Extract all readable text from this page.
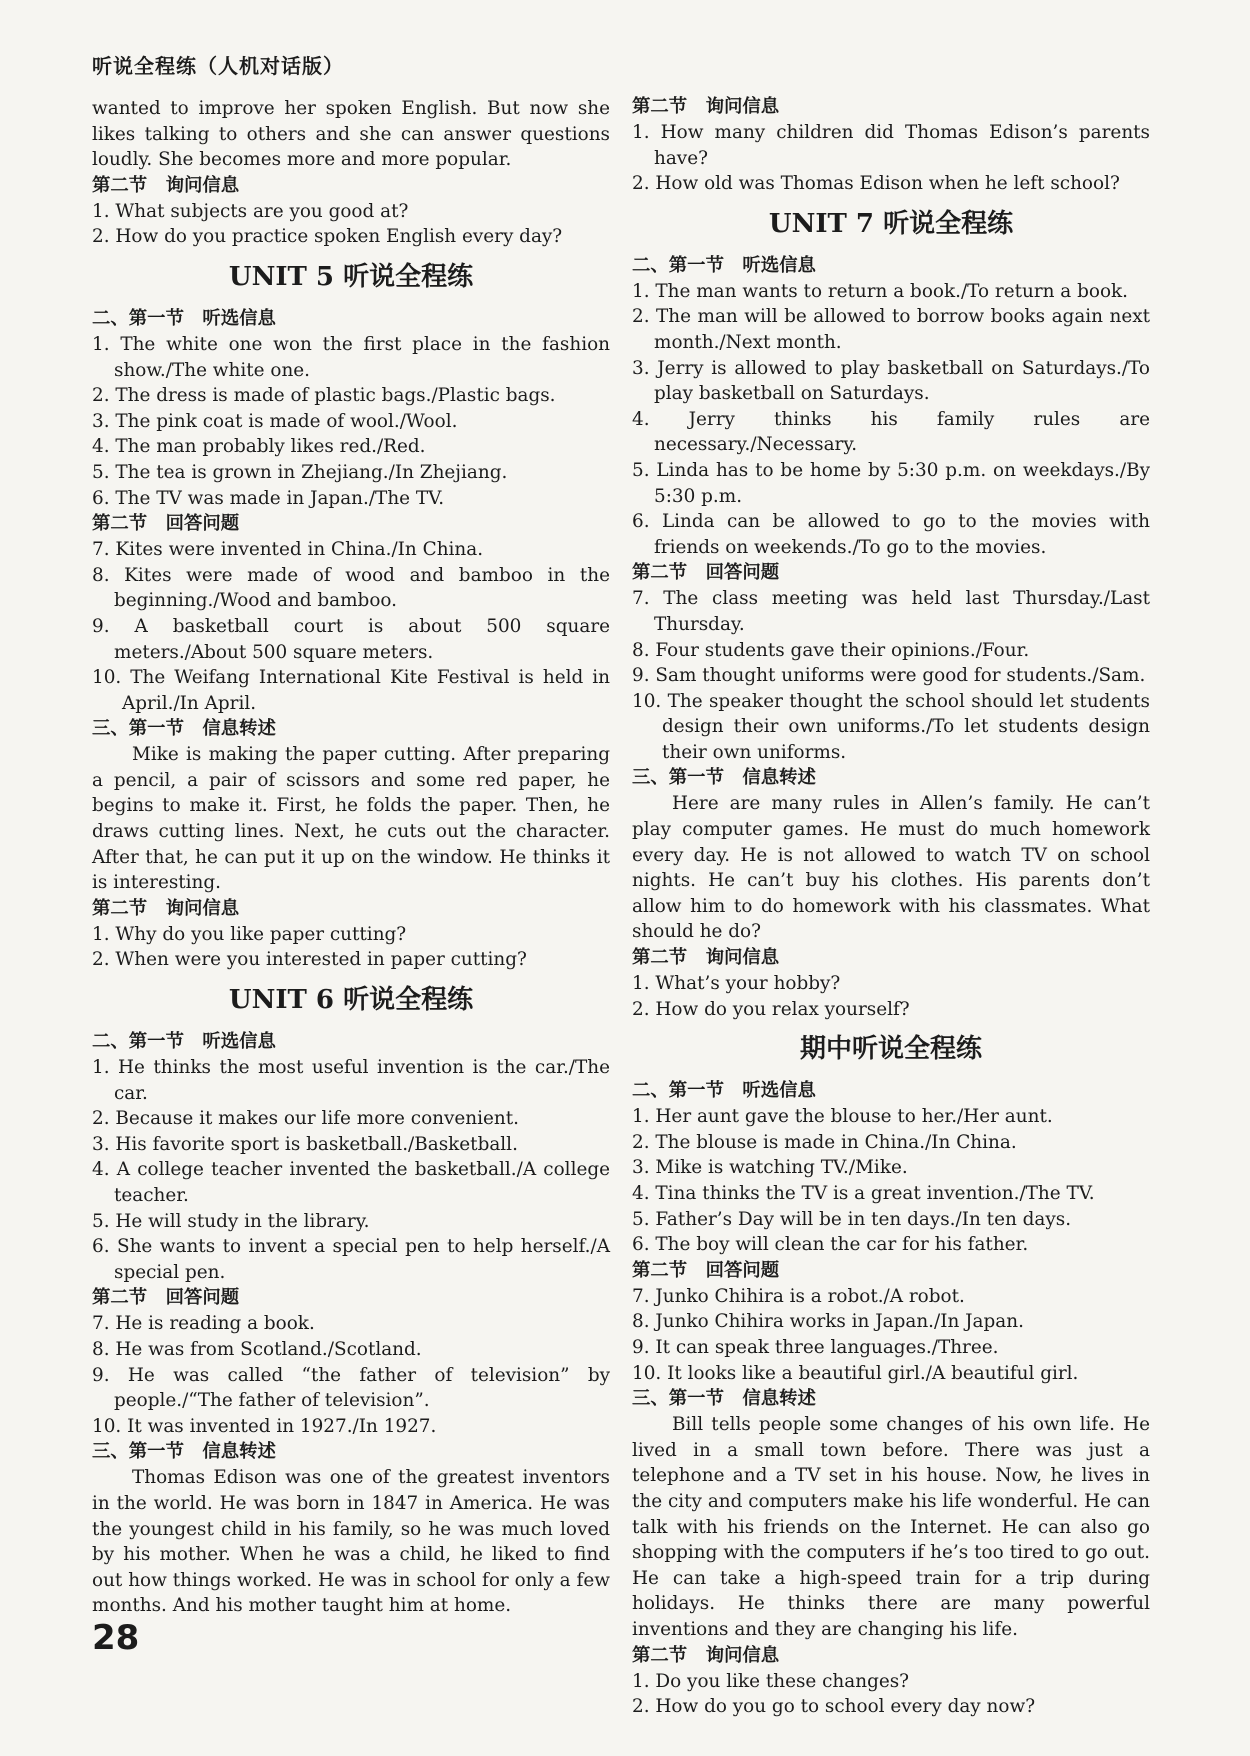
听说全程练（人机对话版）

wanted to improve her spoken English. But now she likes talking to others and she can answer questions loudly. She becomes more and more popular.

第二节　询问信息

1. What subjects are you good at?

2. How do you practice spoken English every day?

UNIT 5 听说全程练

二、第一节　听选信息

1. The white one won the first place in the fashion show./The white one.

2. The dress is made of plastic bags./Plastic bags.

3. The pink coat is made of wool./Wool.

4. The man probably likes red./Red.

5. The tea is grown in Zhejiang./In Zhejiang.

6. The TV was made in Japan./The TV.

第二节　回答问题

7. Kites were invented in China./In China.

8. Kites were made of wood and bamboo in the beginning./Wood and bamboo.

9. A basketball court is about 500 square meters./About 500 square meters.

10. The Weifang International Kite Festival is held in April./In April.

三、第一节　信息转述

Mike is making the paper cutting. After preparing a pencil, a pair of scissors and some red paper, he begins to make it. First, he folds the paper. Then, he draws cutting lines. Next, he cuts out the character. After that, he can put it up on the window. He thinks it is interesting.

第二节　询问信息

1. Why do you like paper cutting?

2. When were you interested in paper cutting?

UNIT 6 听说全程练

二、第一节　听选信息

1. He thinks the most useful invention is the car./The car.

2. Because it makes our life more convenient.

3. His favorite sport is basketball./Basketball.

4. A college teacher invented the basketball./A college teacher.

5. He will study in the library.

6. She wants to invent a special pen to help herself./A special pen.

第二节　回答问题

7. He is reading a book.

8. He was from Scotland./Scotland.

9. He was called “the father of television” by people./“The father of television”.

10. It was invented in 1927./In 1927.

三、第一节　信息转述

Thomas Edison was one of the greatest inventors in the world. He was born in 1847 in America. He was the youngest child in his family, so he was much loved by his mother. When he was a child, he liked to find out how things worked. He was in school for only a few months. And his mother taught him at home.

第二节　询问信息

1. How many children did Thomas Edison’s parents have?

2. How old was Thomas Edison when he left school?

UNIT 7 听说全程练

二、第一节　听选信息

1. The man wants to return a book./To return a book.

2. The man will be allowed to borrow books again next month./Next month.

3. Jerry is allowed to play basketball on Saturdays./To play basketball on Saturdays.

4. Jerry thinks his family rules are necessary./Necessary.

5. Linda has to be home by 5:30 p.m. on weekdays./By 5:30 p.m.

6. Linda can be allowed to go to the movies with friends on weekends./To go to the movies.

第二节　回答问题

7. The class meeting was held last Thursday./Last Thursday.

8. Four students gave their opinions./Four.

9. Sam thought uniforms were good for students./Sam.

10. The speaker thought the school should let students design their own uniforms./To let students design their own uniforms.

三、第一节　信息转述

Here are many rules in Allen’s family. He can’t play computer games. He must do much homework every day. He is not allowed to watch TV on school nights. He can’t buy his clothes. His parents don’t allow him to do homework with his classmates. What should he do?

第二节　询问信息

1. What’s your hobby?

2. How do you relax yourself?

期中听说全程练

二、第一节　听选信息

1. Her aunt gave the blouse to her./Her aunt.

2. The blouse is made in China./In China.

3. Mike is watching TV./Mike.

4. Tina thinks the TV is a great invention./The TV.

5. Father’s Day will be in ten days./In ten days.

6. The boy will clean the car for his father.

第二节　回答问题

7. Junko Chihira is a robot./A robot.

8. Junko Chihira works in Japan./In Japan.

9. It can speak three languages./Three.

10. It looks like a beautiful girl./A beautiful girl.

三、第一节　信息转述

Bill tells people some changes of his own life. He lived in a small town before. There was just a telephone and a TV set in his house. Now, he lives in the city and computers make his life wonderful. He can talk with his friends on the Internet. He can also go shopping with the computers if he’s too tired to go out. He can take a high-speed train for a trip during holidays. He thinks there are many powerful inventions and they are changing his life.

第二节　询问信息

1. Do you like these changes?

2. How do you go to school every day now?

28
